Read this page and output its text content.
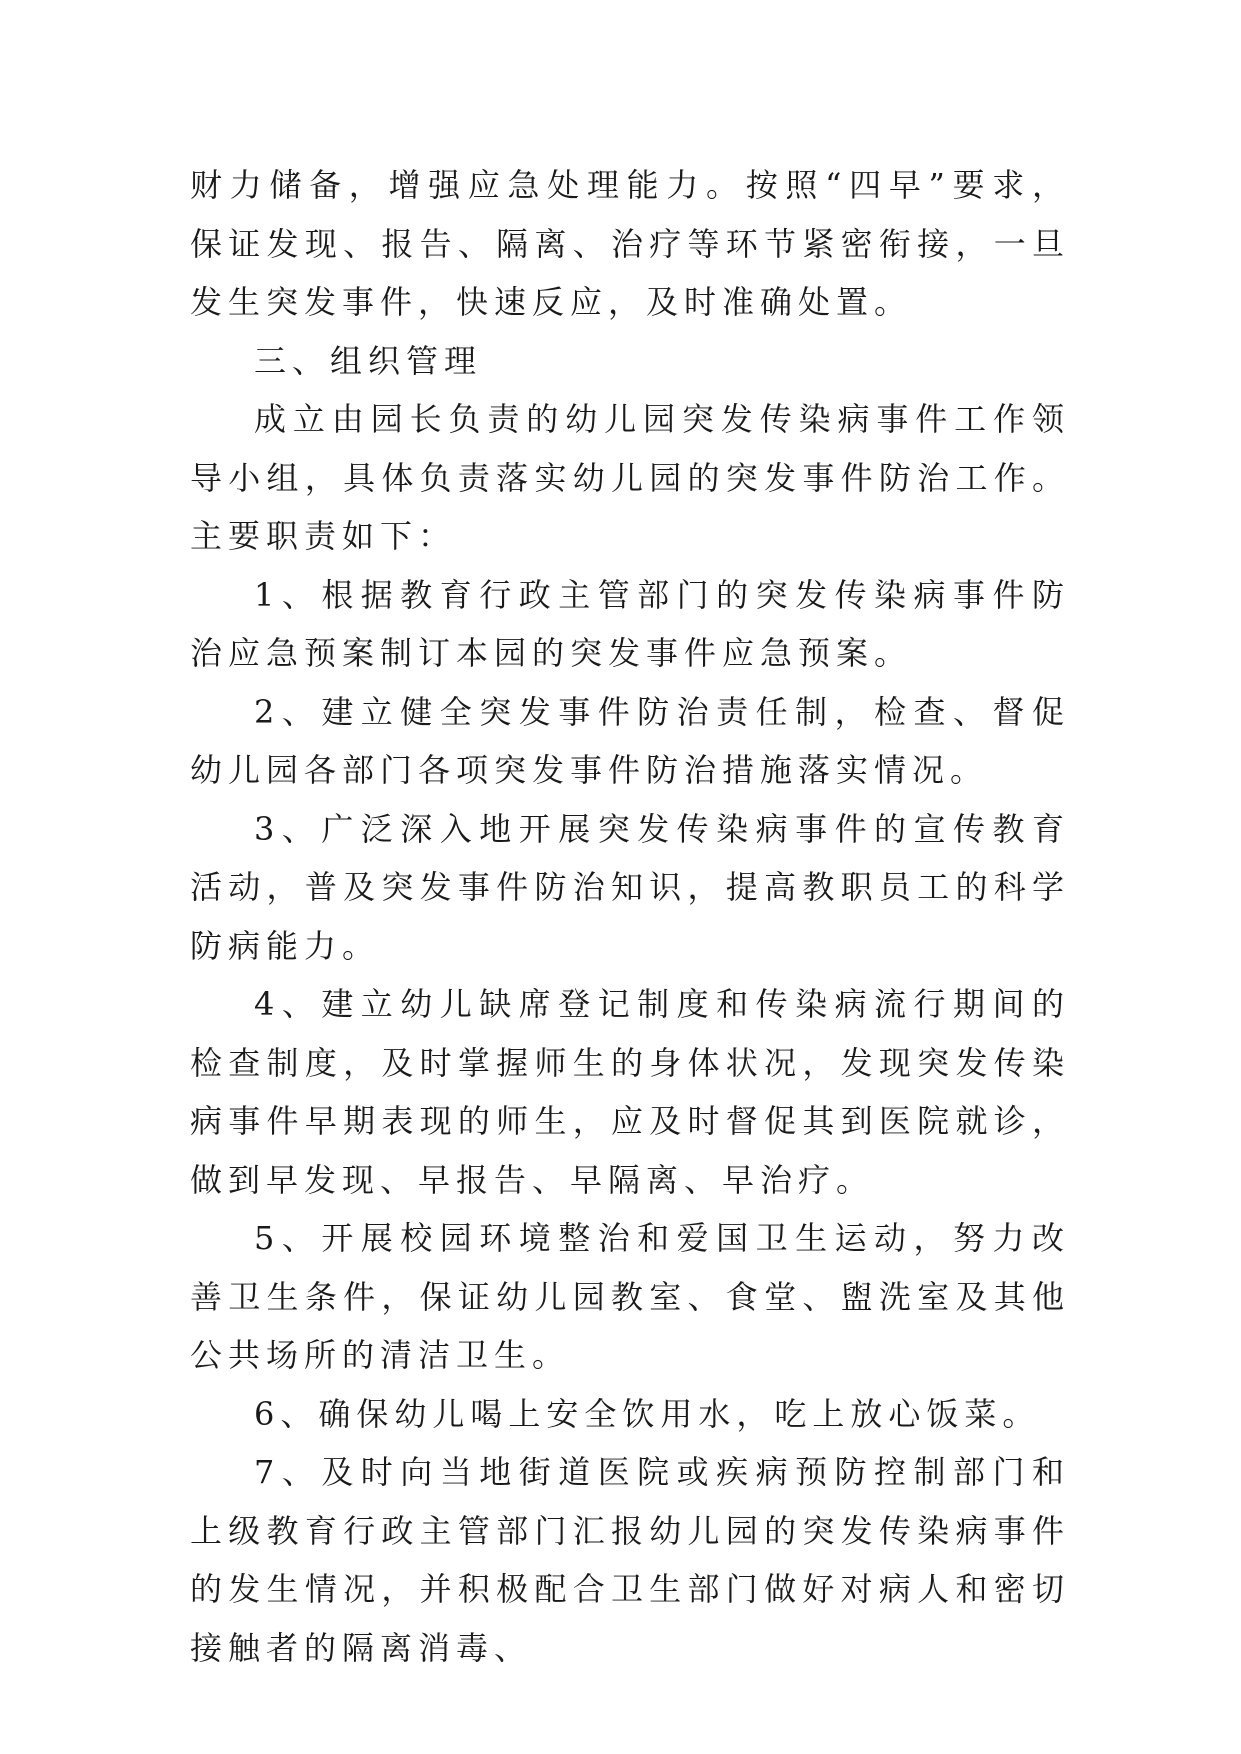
财力储备，增强应急处理能力。按照“四早”要求，保证发现、报告、隔离、治疗等环节紧密衔接，一旦发生突发事件，快速反应，及时准确处置。

三、组织管理

成立由园长负责的幼儿园突发传染病事件工作领导小组，具体负责落实幼儿园的突发事件防治工作。主要职责如下：

1、根据教育行政主管部门的突发传染病事件防治应急预案制订本园的突发事件应急预案。

2、建立健全突发事件防治责任制，检查、督促幼儿园各部门各项突发事件防治措施落实情况。

3、广泛深入地开展突发传染病事件的宣传教育活动，普及突发事件防治知识，提高教职员工的科学防病能力。

4、建立幼儿缺席登记制度和传染病流行期间的检查制度，及时掌握师生的身体状况，发现突发传染病事件早期表现的师生，应及时督促其到医院就诊，做到早发现、早报告、早隔离、早治疗。

5、开展校园环境整治和爱国卫生运动，努力改善卫生条件，保证幼儿园教室、食堂、盥洗室及其他公共场所的清洁卫生。

6、确保幼儿喝上安全饮用水，吃上放心饭菜。

7、及时向当地街道医院或疾病预防控制部门和上级教育行政主管部门汇报幼儿园的突发传染病事件的发生情况，并积极配合卫生部门做好对病人和密切接触者的隔离消毒、
